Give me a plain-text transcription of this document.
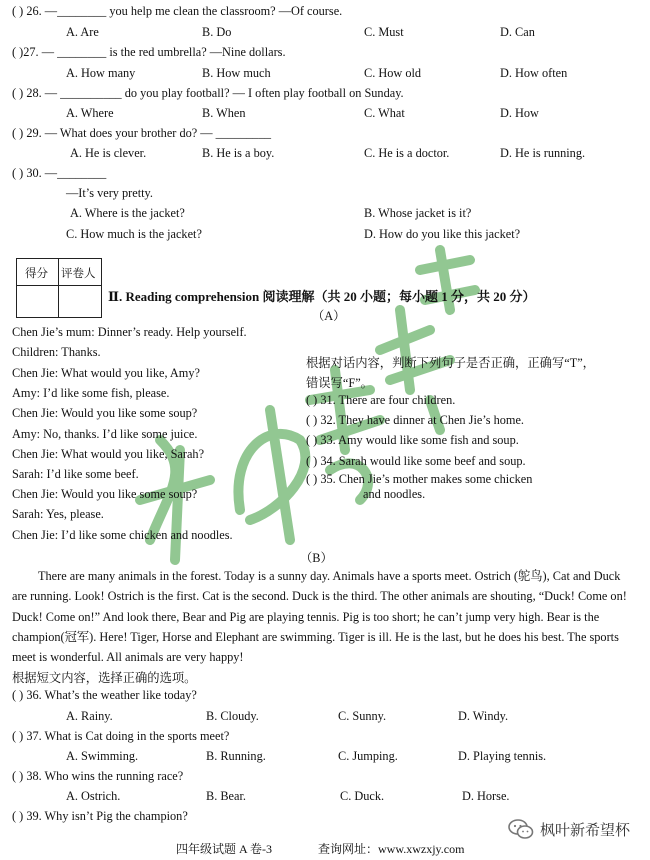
( ) 26. —________ you help me clean the classroom? —Of course.
A. Are	B. Do	C. Must	D. Can
( )27. — ________ is the red umbrella? —Nine dollars.
A. How many	B. How much	C. How old	D. How often
( ) 28. — __________ do you play football? — I often play football on Sunday.
A. Where	B. When	C. What	D. How
( ) 29. — What does your brother do? — _________
A. He is clever.	B. He is a boy.	C. He is a doctor.	D. He is running.
( ) 30. —________
—It’s very pretty.
A. Where is the jacket?	B. Whose jacket is it?
C. How much is the jacket?	D. How do you like this jacket?
得分 评卷人
Ⅱ. Reading comprehension 阅读理解（共 20 小题；每小题 1 分，共 20 分）
（A）
Chen Jie’s mum: Dinner’s ready. Help yourself.
Children: Thanks.
Chen Jie: What would you like, Amy?
Amy: I’d like some fish, please.
Chen Jie: Would you like some soup?
Amy: No, thanks. I’d like some juice.
Chen Jie: What would you like, Sarah?
Sarah: I’d like some beef.
Chen Jie: Would you like some soup?
Sarah: Yes, please.
Chen Jie: I’d like some chicken and noodles.
根据对话内容，判断下列句子是否正确，正确写“T”，
错误写“F”。
( ) 31. There are four children.
( ) 32. They have dinner at Chen Jie’s home.
( ) 33. Amy would like some fish and soup.
( ) 34. Sarah would like some beef and soup.
( ) 35. Chen Jie’s mother makes some chicken
and noodles.
（B）
There are many animals in the forest. Today is a sunny day. Animals have a sports meet. Ostrich (鸵鸟), Cat and Duck are running. Look! Ostrich is the first. Cat is the second. Duck is the third. The other animals are shouting, “Duck! Come on! Duck! Come on!” And look there, Bear and Pig are playing tennis. Pig is too short; he can’t jump very high. Bear is the champion(冠军). Here! Tiger, Horse and Elephant are swimming. Tiger is ill. He is the last, but he does his best. The sports meet is wonderful. All animals are very happy!
根据短文内容，选择正确的选项。
( ) 36. What’s the weather like today?
A. Rainy.	B. Cloudy.	C. Sunny.	D. Windy.
( ) 37. What is Cat doing in the sports meet?
A. Swimming.	B. Running.	C. Jumping.	D. Playing tennis.
( ) 38. Who wins the running race?
A. Ostrich.	B. Bear.	C. Duck.	D. Horse.
( ) 39. Why isn’t Pig the champion?
四年级试题 A 卷-3	查询网址：www.xwzxjy.com
枫叶新希望杯
